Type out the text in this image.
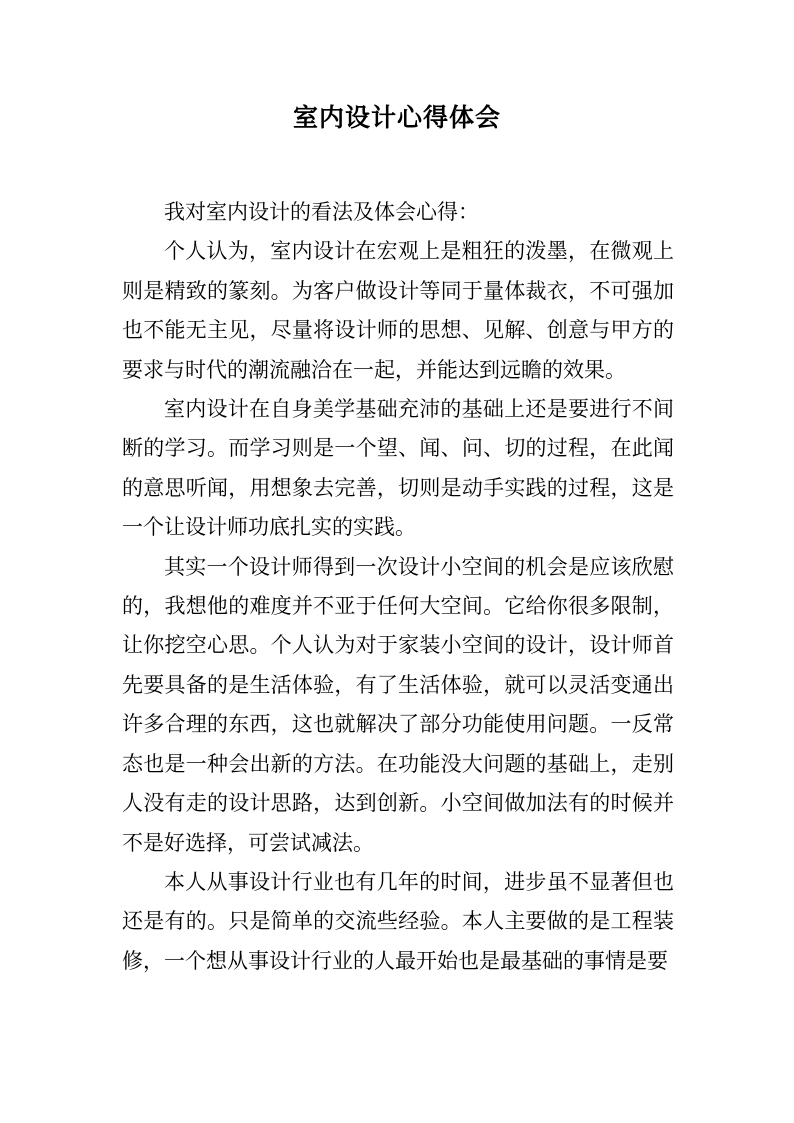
室内设计心得体会

我对室内设计的看法及体会心得：

个人认为，室内设计在宏观上是粗狂的泼墨，在微观上则是精致的篆刻。为客户做设计等同于量体裁衣，不可强加也不能无主见，尽量将设计师的思想、见解、创意与甲方的要求与时代的潮流融洽在一起，并能达到远瞻的效果。

室内设计在自身美学基础充沛的基础上还是要进行不间断的学习。而学习则是一个望、闻、问、切的过程，在此闻的意思听闻，用想象去完善，切则是动手实践的过程，这是一个让设计师功底扎实的实践。

其实一个设计师得到一次设计小空间的机会是应该欣慰的，我想他的难度并不亚于任何大空间。它给你很多限制，让你挖空心思。个人认为对于家装小空间的设计，设计师首先要具备的是生活体验，有了生活体验，就可以灵活变通出许多合理的东西，这也就解决了部分功能使用问题。一反常态也是一种会出新的方法。在功能没大问题的基础上，走别人没有走的设计思路，达到创新。小空间做加法有的时候并不是好选择，可尝试减法。

本人从事设计行业也有几年的时间，进步虽不显著但也还是有的。只是简单的交流些经验。本人主要做的是工程装修，一个想从事设计行业的人最开始也是最基础的事情是要
